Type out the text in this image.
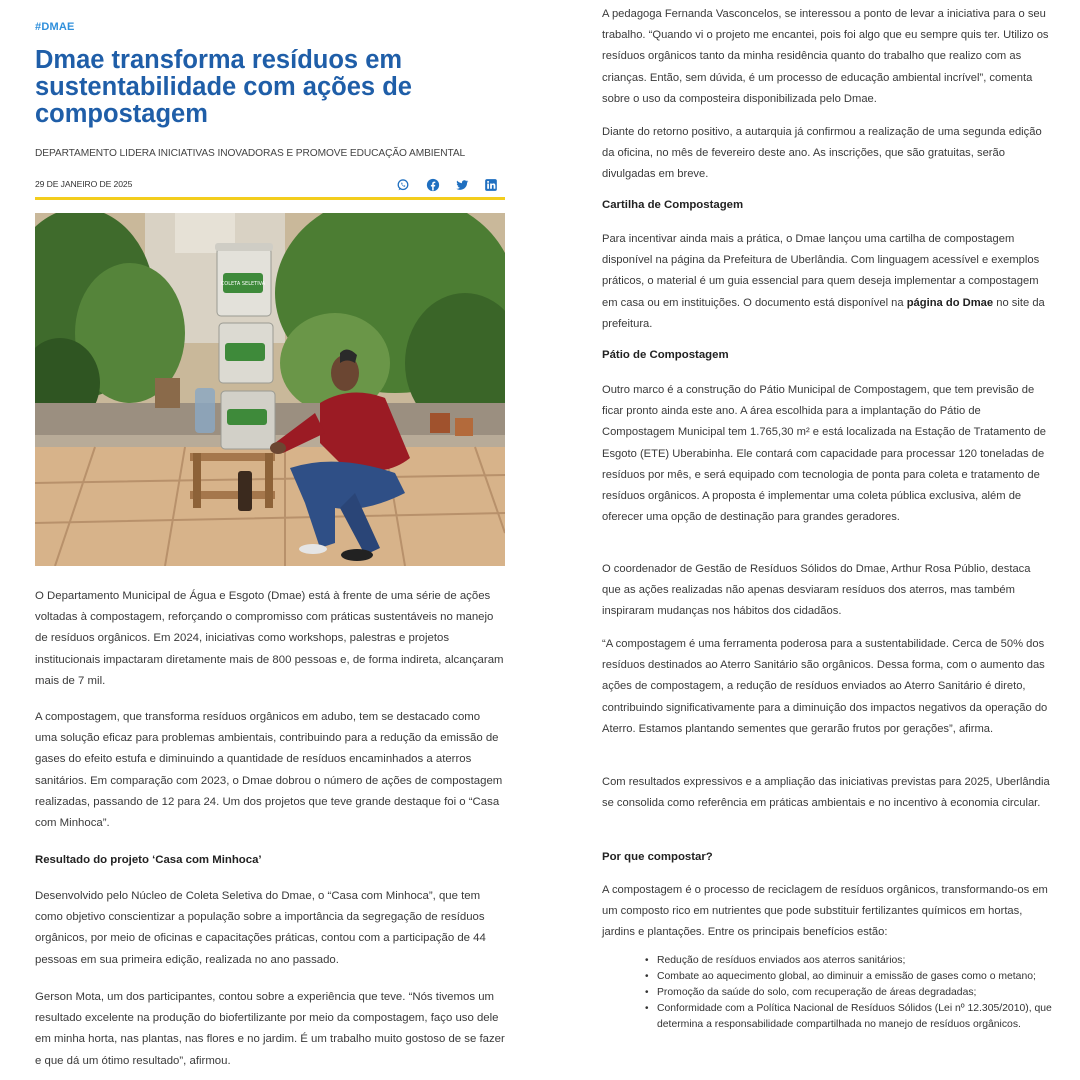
#DMAE
Dmae transforma resíduos em sustentabilidade com ações de compostagem
DEPARTAMENTO LIDERA INICIATIVAS INOVADORAS E PROMOVE EDUCAÇÃO AMBIENTAL
29 DE JANEIRO DE 2025
COLETA SELETIVA

O Departamento Municipal de Água e Esgoto (Dmae) está à frente de uma série de ações voltadas à compostagem, reforçando o compromisso com práticas sustentáveis no manejo de resíduos orgânicos. Em 2024, iniciativas como workshops, palestras e projetos institucionais impactaram diretamente mais de 800 pessoas e, de forma indireta, alcançaram mais de 7 mil.

A compostagem, que transforma resíduos orgânicos em adubo, tem se destacado como uma solução eficaz para problemas ambientais, contribuindo para a redução da emissão de gases do efeito estufa e diminuindo a quantidade de resíduos encaminhados a aterros sanitários. Em comparação com 2023, o Dmae dobrou o número de ações de compostagem realizadas, passando de 12 para 24. Um dos projetos que teve grande destaque foi o “Casa com Minhoca”.

Resultado do projeto ‘Casa com Minhoca’

Desenvolvido pelo Núcleo de Coleta Seletiva do Dmae, o “Casa com Minhoca”, que tem como objetivo conscientizar a população sobre a importância da segregação de resíduos orgânicos, por meio de oficinas e capacitações práticas, contou com a participação de 44 pessoas em sua primeira edição, realizada no ano passado.

Gerson Mota, um dos participantes, contou sobre a experiência que teve. “Nós tivemos um resultado excelente na produção do biofertilizante por meio da compostagem, faço uso dele em minha horta, nas plantas, nas flores e no jardim. É um trabalho muito gostoso de se fazer e que dá um ótimo resultado”, afirmou.

A pedagoga Fernanda Vasconcelos, se interessou a ponto de levar a iniciativa para o seu trabalho. “Quando vi o projeto me encantei, pois foi algo que eu sempre quis ter. Utilizo os resíduos orgânicos tanto da minha residência quanto do trabalho que realizo com as crianças. Então, sem dúvida, é um processo de educação ambiental incrível”, comenta sobre o uso da composteira disponibilizada pelo Dmae.

Diante do retorno positivo, a autarquia já confirmou a realização de uma segunda edição da oficina, no mês de fevereiro deste ano. As inscrições, que são gratuitas, serão divulgadas em breve.

Cartilha de Compostagem

Para incentivar ainda mais a prática, o Dmae lançou uma cartilha de compostagem disponível na página da Prefeitura de Uberlândia. Com linguagem acessível e exemplos práticos, o material é um guia essencial para quem deseja implementar a compostagem em casa ou em instituições. O documento está disponível na página do Dmae no site da prefeitura.

Pátio de Compostagem

Outro marco é a construção do Pátio Municipal de Compostagem, que tem previsão de ficar pronto ainda este ano. A área escolhida para a implantação do Pátio de Compostagem Municipal tem 1.765,30 m² e está localizada na Estação de Tratamento de Esgoto (ETE) Uberabinha. Ele contará com capacidade para processar 120 toneladas de resíduos por mês, e será equipado com tecnologia de ponta para coleta e tratamento de resíduos orgânicos. A proposta é implementar uma coleta pública exclusiva, além de oferecer uma opção de destinação para grandes geradores.

O coordenador de Gestão de Resíduos Sólidos do Dmae, Arthur Rosa Públio, destaca que as ações realizadas não apenas desviaram resíduos dos aterros, mas também inspiraram mudanças nos hábitos dos cidadãos.

“A compostagem é uma ferramenta poderosa para a sustentabilidade. Cerca de 50% dos resíduos destinados ao Aterro Sanitário são orgânicos. Dessa forma, com o aumento das ações de compostagem, a redução de resíduos enviados ao Aterro Sanitário é direto, contribuindo significativamente para a diminuição dos impactos negativos da operação do Aterro. Estamos plantando sementes que gerarão frutos por gerações”, afirma.

Com resultados expressivos e a ampliação das iniciativas previstas para 2025, Uberlândia se consolida como referência em práticas ambientais e no incentivo à economia circular.

Por que compostar?

A compostagem é o processo de reciclagem de resíduos orgânicos, transformando-os em um composto rico em nutrientes que pode substituir fertilizantes químicos em hortas, jardins e plantações. Entre os principais benefícios estão:

• Redução de resíduos enviados aos aterros sanitários;
• Combate ao aquecimento global, ao diminuir a emissão de gases como o metano;
• Promoção da saúde do solo, com recuperação de áreas degradadas;
• Conformidade com a Política Nacional de Resíduos Sólidos (Lei nº 12.305/2010), que determina a responsabilidade compartilhada no manejo de resíduos orgânicos.
